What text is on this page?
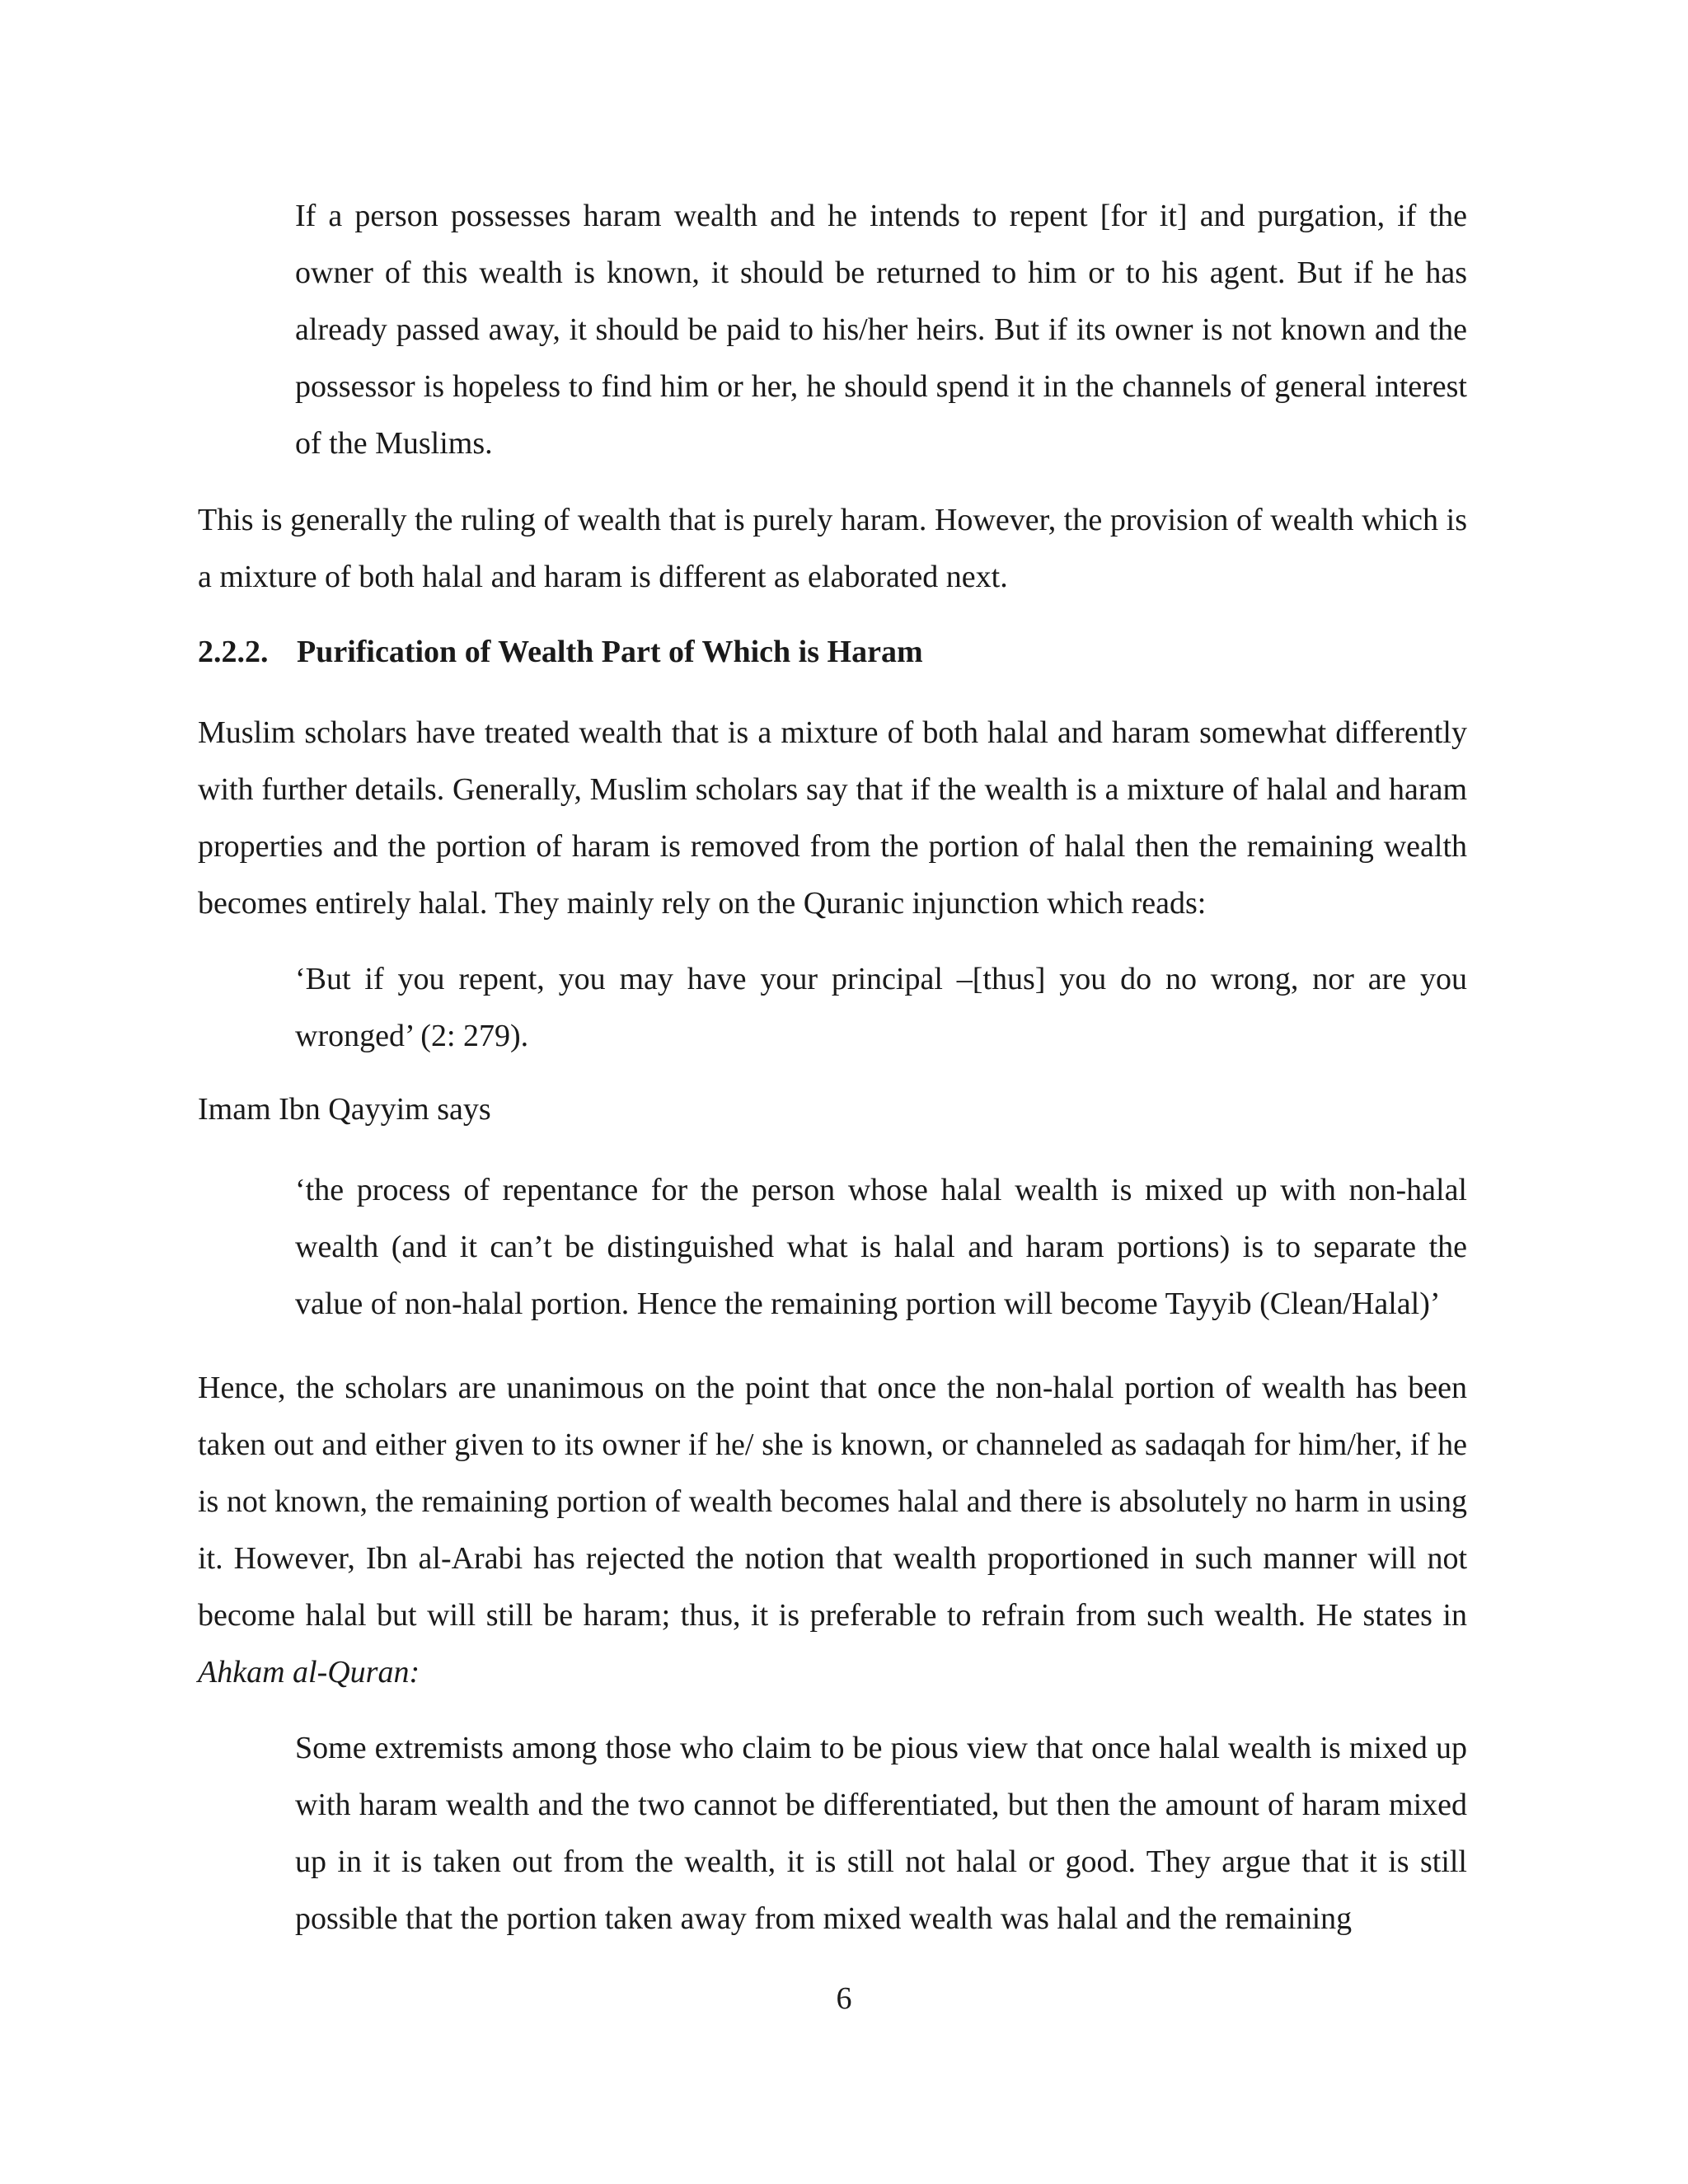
If a person possesses haram wealth and he intends to repent [for it] and purgation, if the owner of this wealth is known, it should be returned to him or to his agent. But if he has already passed away, it should be paid to his/her heirs. But if its owner is not known and the possessor is hopeless to find him or her, he should spend it in the channels of general interest of the Muslims.

This is generally the ruling of wealth that is purely haram. However, the provision of wealth which is a mixture of both halal and haram is different as elaborated next.

2.2.2. Purification of Wealth Part of Which is Haram

Muslim scholars have treated wealth that is a mixture of both halal and haram somewhat differently with further details. Generally, Muslim scholars say that if the wealth is a mixture of halal and haram properties and the portion of haram is removed from the portion of halal then the remaining wealth becomes entirely halal. They mainly rely on the Quranic injunction which reads:

‘But if you repent, you may have your principal –[thus] you do no wrong, nor are you wronged’ (2: 279).

Imam Ibn Qayyim says

‘the process of repentance for the person whose halal wealth is mixed up with non-halal wealth (and it can’t be distinguished what is halal and haram portions) is to separate the value of non-halal portion. Hence the remaining portion will become Tayyib (Clean/Halal)’

Hence, the scholars are unanimous on the point that once the non-halal portion of wealth has been taken out and either given to its owner if he/ she is known, or channeled as sadaqah for him/her, if he is not known, the remaining portion of wealth becomes halal and there is absolutely no harm in using it. However, Ibn al-Arabi has rejected the notion that wealth proportioned in such manner will not become halal but will still be haram; thus, it is preferable to refrain from such wealth. He states in Ahkam al-Quran:

Some extremists among those who claim to be pious view that once halal wealth is mixed up with haram wealth and the two cannot be differentiated, but then the amount of haram mixed up in it is taken out from the wealth, it is still not halal or good. They argue that it is still possible that the portion taken away from mixed wealth was halal and the remaining

6
